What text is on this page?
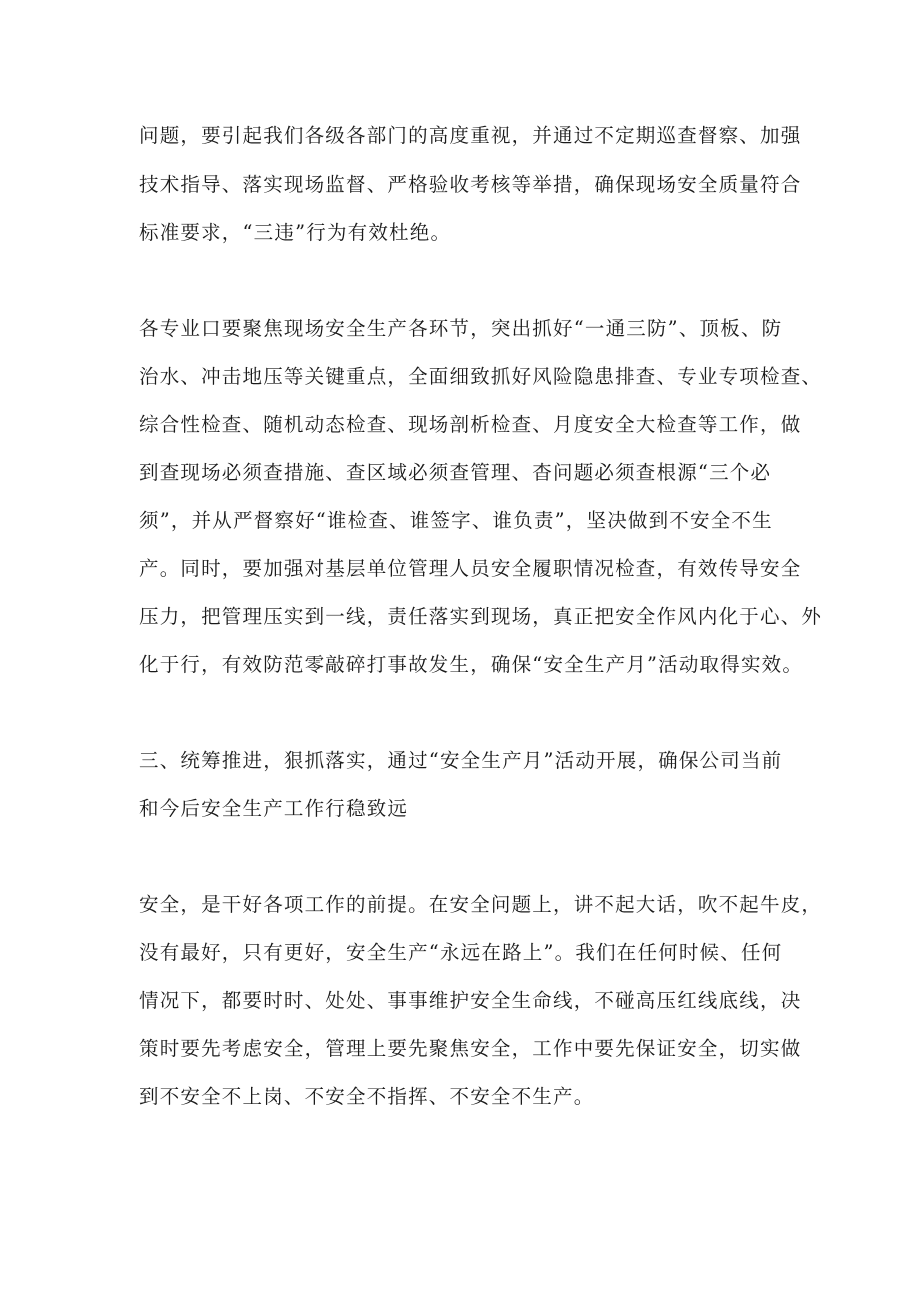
问题，要引起我们各级各部门的高度重视，并通过不定期巡查督察、加强
技术指导、落实现场监督、严格验收考核等举措，确保现场安全质量符合
标准要求，“三违”行为有效杜绝。
各专业口要聚焦现场安全生产各环节，突出抓好“一通三防”、顶板、防
治水、冲击地压等关键重点，全面细致抓好风险隐患排查、专业专项检查、
综合性检查、随机动态检查、现场剖析检查、月度安全大检查等工作，做
到查现场必须查措施、查区域必须查管理、杳问题必须查根源“三个必
须”，并从严督察好“谁检查、谁签字、谁负责”，坚决做到不安全不生
产。同时，要加强对基层单位管理人员安全履职情况检查，有效传导安全
压力，把管理压实到一线，责任落实到现场，真正把安全作风内化于心、外
化于行，有效防范零敲碎打事故发生，确保“安全生产月”活动取得实效。
三、统筹推进，狠抓落实，通过“安全生产月”活动开展，确保公司当前
和今后安全生产工作行稳致远
安全，是干好各项工作的前提。在安全问题上，讲不起大话，吹不起牛皮，
没有最好，只有更好，安全生产“永远在路上”。我们在任何时候、任何
情况下，都要时时、处处、事事维护安全生命线，不碰高压红线底线，决
策时要先考虑安全，管理上要先聚焦安全，工作中要先保证安全，切实做
到不安全不上岗、不安全不指挥、不安全不生产。
